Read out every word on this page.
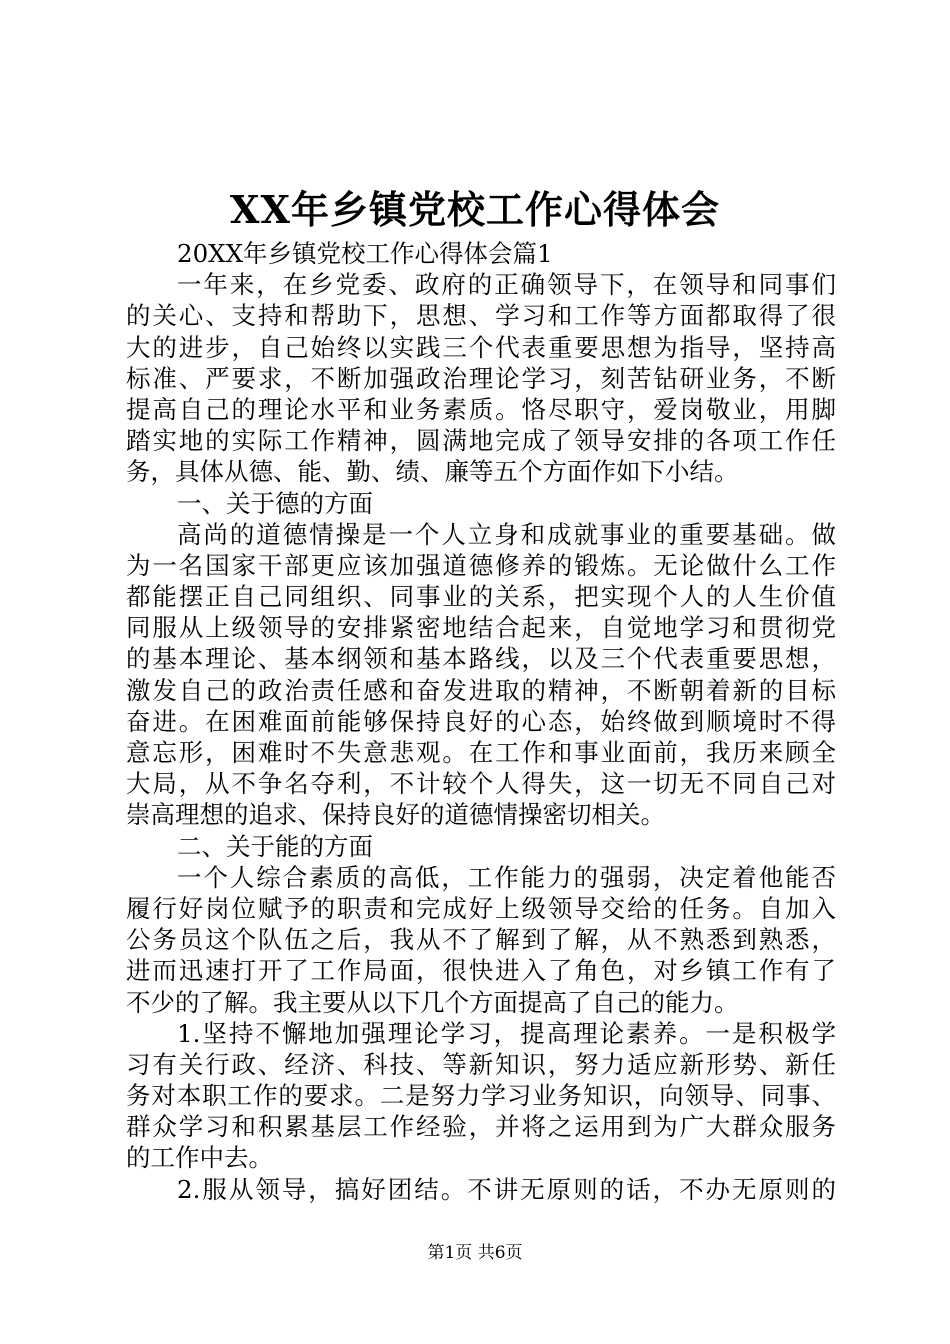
XX年乡镇党校工作心得体会
20XX年乡镇党校工作心得体会篇1
一年来，在乡党委、政府的正确领导下，在领导和同事们
的关心、支持和帮助下，思想、学习和工作等方面都取得了很
大的进步，自己始终以实践三个代表重要思想为指导，坚持高
标准、严要求，不断加强政治理论学习，刻苦钻研业务，不断
提高自己的理论水平和业务素质。恪尽职守，爱岗敬业，用脚
踏实地的实际工作精神，圆满地完成了领导安排的各项工作任
务，具体从德、能、勤、绩、廉等五个方面作如下小结。
一、关于德的方面
高尚的道德情操是一个人立身和成就事业的重要基础。做
为一名国家干部更应该加强道德修养的锻炼。无论做什么工作
都能摆正自己同组织、同事业的关系，把实现个人的人生价值
同服从上级领导的安排紧密地结合起来，自觉地学习和贯彻党
的基本理论、基本纲领和基本路线，以及三个代表重要思想，
激发自己的政治责任感和奋发进取的精神，不断朝着新的目标
奋进。在困难面前能够保持良好的心态，始终做到顺境时不得
意忘形，困难时不失意悲观。在工作和事业面前，我历来顾全
大局，从不争名夺利，不计较个人得失，这一切无不同自己对
崇高理想的追求、保持良好的道德情操密切相关。
二、关于能的方面
一个人综合素质的高低，工作能力的强弱，决定着他能否
履行好岗位赋予的职责和完成好上级领导交给的任务。自加入
公务员这个队伍之后，我从不了解到了解，从不熟悉到熟悉，
进而迅速打开了工作局面，很快进入了角色，对乡镇工作有了
不少的了解。我主要从以下几个方面提高了自己的能力。
1.坚持不懈地加强理论学习，提高理论素养。一是积极学
习有关行政、经济、科技、等新知识，努力适应新形势、新任
务对本职工作的要求。二是努力学习业务知识，向领导、同事、
群众学习和积累基层工作经验，并将之运用到为广大群众服务
的工作中去。
2.服从领导，搞好团结。不讲无原则的话，不办无原则的
第1页 共6页
